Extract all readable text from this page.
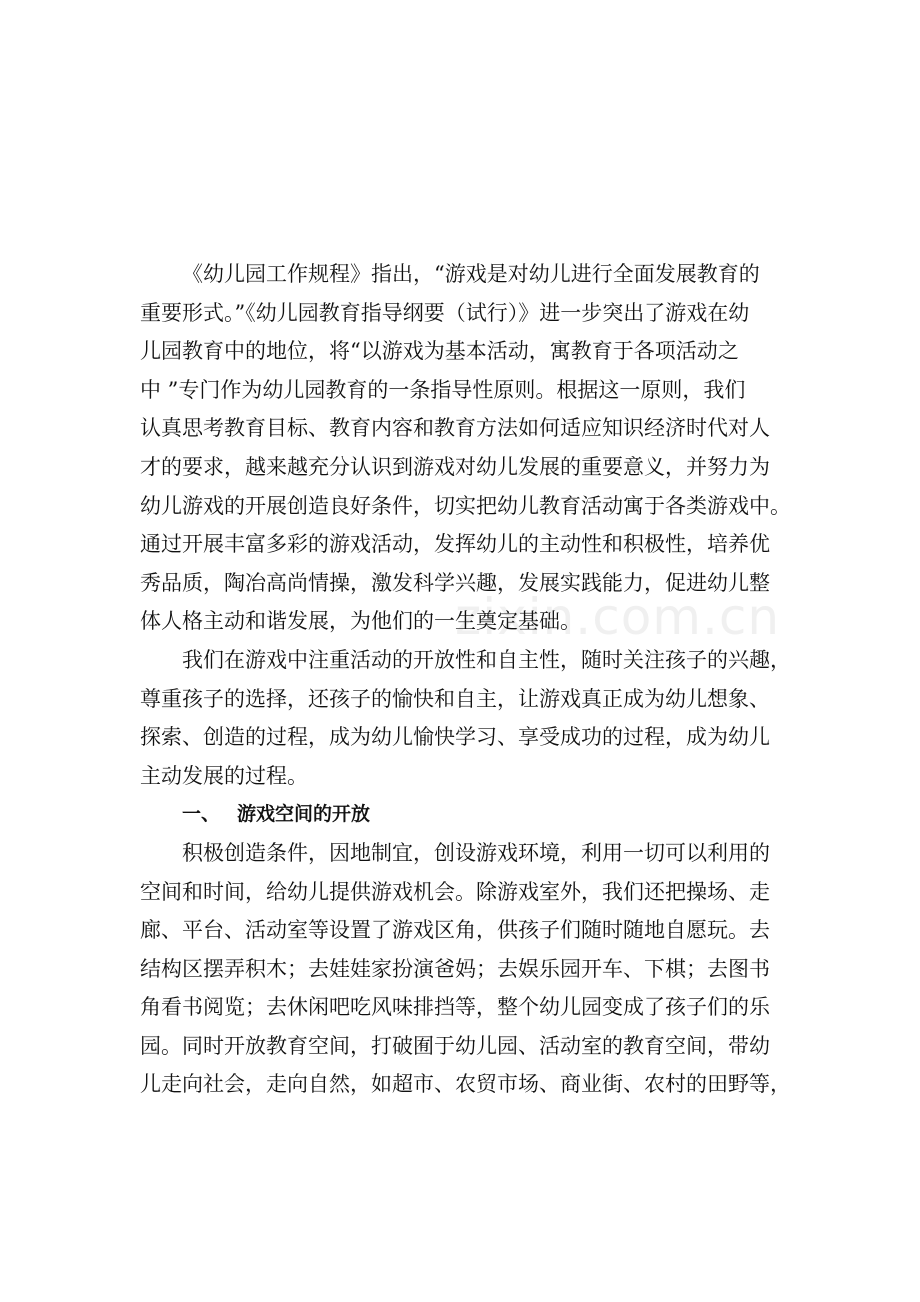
zixin.com.cn
《幼儿园工作规程》指出，“游戏是对幼儿进行全面发展教育的
重要形式。”《幼儿园教育指导纲要（试行）》进一步突出了游戏在幼
儿园教育中的地位，将“以游戏为基本活动，寓教育于各项活动之
中 ”专门作为幼儿园教育的一条指导性原则。根据这一原则，我们
认真思考教育目标、教育内容和教育方法如何适应知识经济时代对人
才的要求，越来越充分认识到游戏对幼儿发展的重要意义，并努力为
幼儿游戏的开展创造良好条件，切实把幼儿教育活动寓于各类游戏中。
通过开展丰富多彩的游戏活动，发挥幼儿的主动性和积极性，培养优
秀品质，陶冶高尚情操，激发科学兴趣，发展实践能力，促进幼儿整
体人格主动和谐发展，为他们的一生奠定基础。
我们在游戏中注重活动的开放性和自主性，随时关注孩子的兴趣，
尊重孩子的选择，还孩子的愉快和自主，让游戏真正成为幼儿想象、
探索、创造的过程，成为幼儿愉快学习、享受成功的过程，成为幼儿
主动发展的过程。
一、 游戏空间的开放
积极创造条件，因地制宜，创设游戏环境，利用一切可以利用的
空间和时间，给幼儿提供游戏机会。除游戏室外，我们还把操场、走
廊、平台、活动室等设置了游戏区角，供孩子们随时随地自愿玩。去
结构区摆弄积木；去娃娃家扮演爸妈；去娱乐园开车、下棋；去图书
角看书阅览；去休闲吧吃风味排挡等，整个幼儿园变成了孩子们的乐
园。同时开放教育空间，打破囿于幼儿园、活动室的教育空间，带幼
儿走向社会，走向自然，如超市、农贸市场、商业街、农村的田野等，
